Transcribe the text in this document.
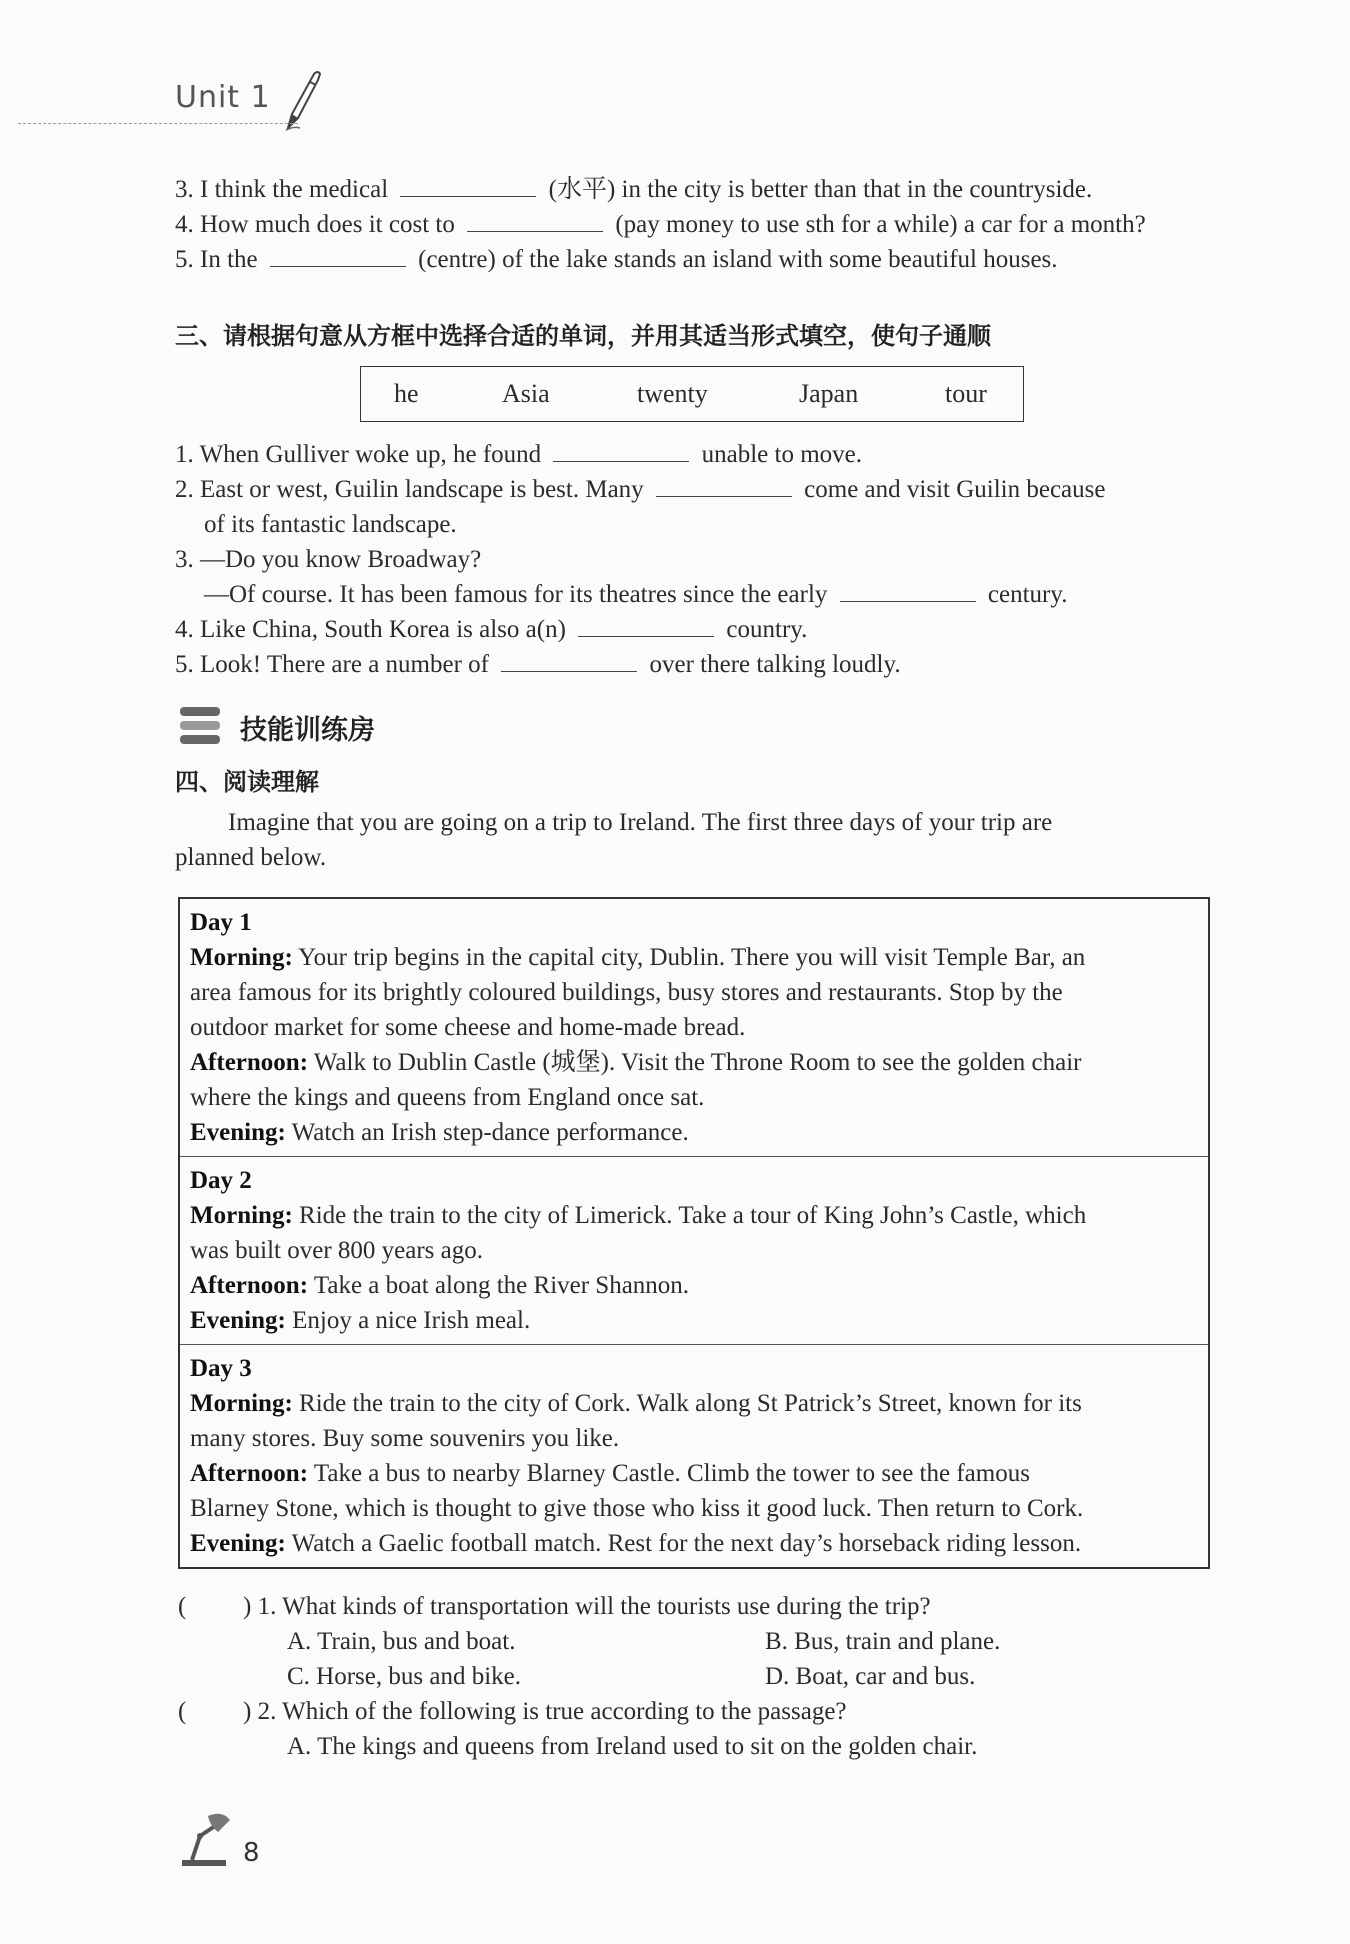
Unit 1
3. I think the medical	(水平) in the city is better than that in the countryside.
4. How much does it cost to	(pay money to use sth for a while) a car for a month?
5. In the	(centre) of the lake stands an island with some beautiful houses.
三、请根据句意从方框中选择合适的单词，并用其适当形式填空，使句子通顺
he	Asia	twenty	Japan	tour
1. When Gulliver woke up, he found	unable to move.
2. East or west, Guilin landscape is best. Many	come and visit Guilin because
of its fantastic landscape.
3. —Do you know Broadway?
—Of course. It has been famous for its theatres since the early	century.
4. Like China, South Korea is also a(n)	country.
5. Look! There are a number of	over there talking loudly.
技能训练房
四、阅读理解
Imagine that you are going on a trip to Ireland. The first three days of your trip are
planned below.

Day 1

Morning: Your trip begins in the capital city, Dublin. There you will visit Temple Bar, an

area famous for its brightly coloured buildings, busy stores and restaurants. Stop by the

outdoor market for some cheese and home-made bread.

Afternoon: Walk to Dublin Castle (城堡). Visit the Throne Room to see the golden chair

where the kings and queens from England once sat.

Evening: Watch an Irish step-dance performance.

Day 2

Morning: Ride the train to the city of Limerick. Take a tour of King John’s Castle, which

was built over 800 years ago.

Afternoon: Take a boat along the River Shannon.

Evening: Enjoy a nice Irish meal.

Day 3

Morning: Ride the train to the city of Cork. Walk along St Patrick’s Street, known for its

many stores. Buy some souvenirs you like.

Afternoon: Take a bus to nearby Blarney Castle. Climb the tower to see the famous

Blarney Stone, which is thought to give those who kiss it good luck. Then return to Cork.

Evening: Watch a Gaelic football match. Rest for the next day’s horseback riding lesson.

( ) 1. What kinds of transportation will the tourists use during the trip?
A. Train, bus and boat.	B. Bus, train and plane.
C. Horse, bus and bike.	D. Boat, car and bus.
( ) 2. Which of the following is true according to the passage?
A. The kings and queens from Ireland used to sit on the golden chair.
8
